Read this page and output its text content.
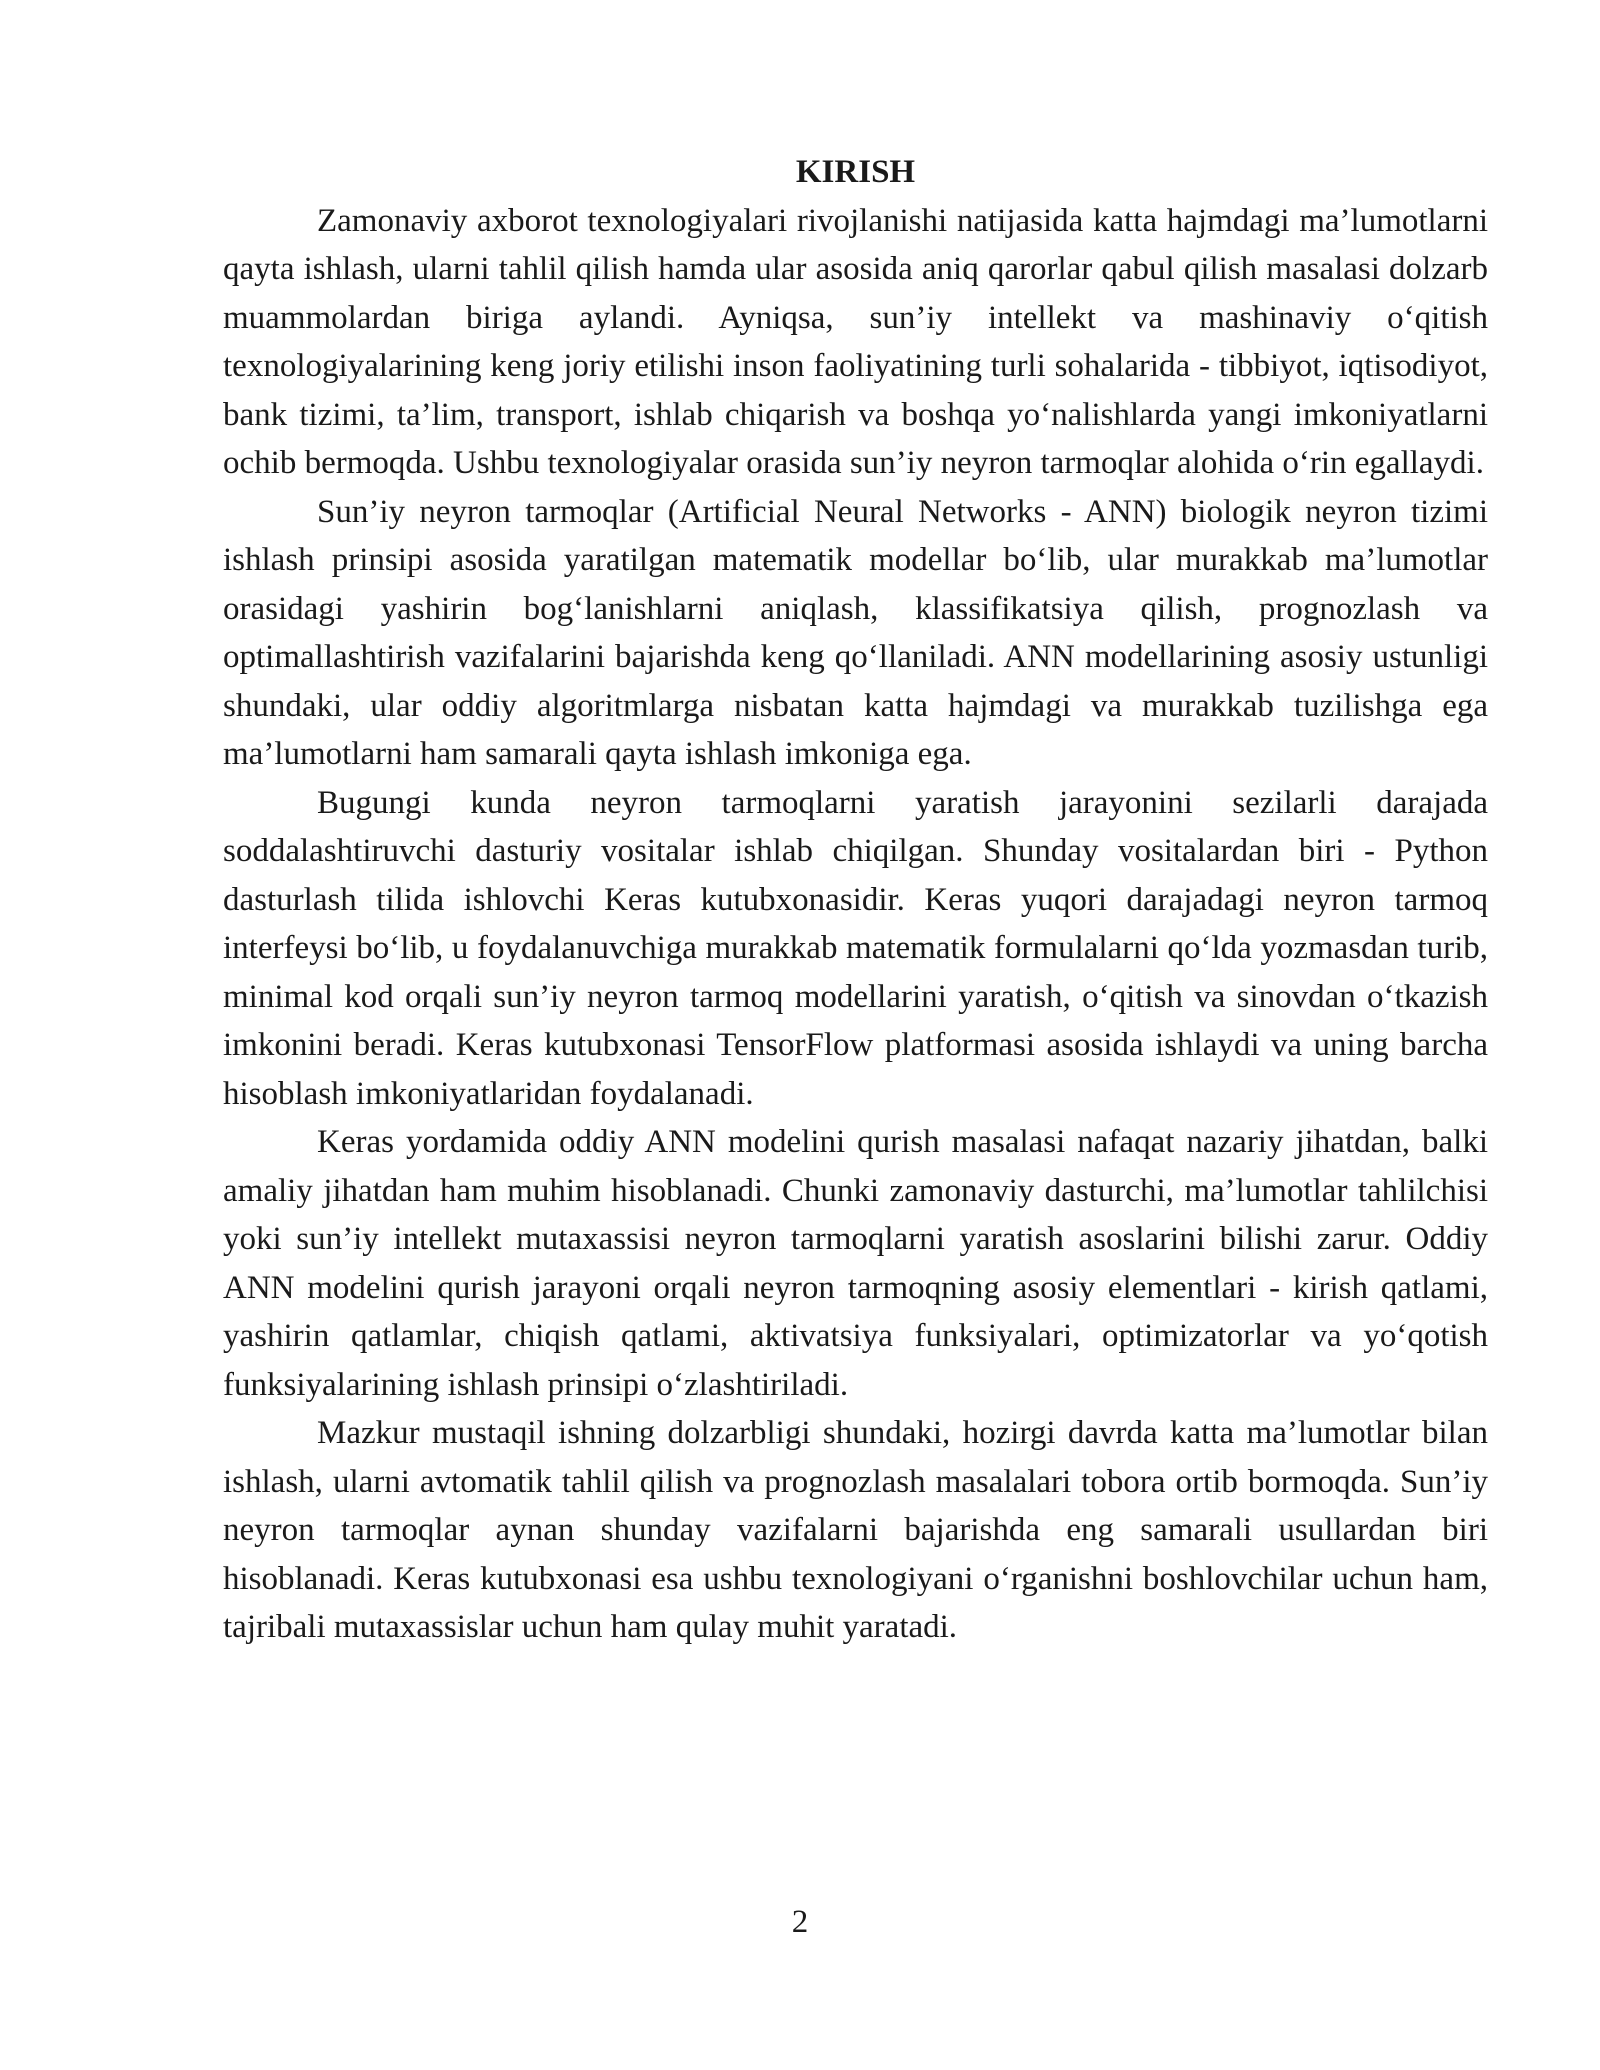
KIRISH

Zamonaviy axborot texnologiyalari rivojlanishi natijasida katta hajmdagi ma’lumotlarni qayta ishlash, ularni tahlil qilish hamda ular asosida aniq qarorlar qabul qilish masalasi dolzarb muammolardan biriga aylandi. Ayniqsa, sun’iy intellekt va mashinaviy o‘qitish texnologiyalarining keng joriy etilishi inson faoliyatining turli sohalarida - tibbiyot, iqtisodiyot, bank tizimi, ta’lim, transport, ishlab chiqarish va boshqa yo‘nalishlarda yangi imkoniyatlarni ochib bermoqda. Ushbu texnologiyalar orasida sun’iy neyron tarmoqlar alohida o‘rin egallaydi.

Sun’iy neyron tarmoqlar (Artificial Neural Networks - ANN) biologik neyron tizimi ishlash prinsipi asosida yaratilgan matematik modellar bo‘lib, ular murakkab ma’lumotlar orasidagi yashirin bog‘lanishlarni aniqlash, klassifikatsiya qilish, prognozlash va optimallashtirish vazifalarini bajarishda keng qo‘llaniladi. ANN modellarining asosiy ustunligi shundaki, ular oddiy algoritmlarga nisbatan katta hajmdagi va murakkab tuzilishga ega ma’lumotlarni ham samarali qayta ishlash imkoniga ega.

Bugungi kunda neyron tarmoqlarni yaratish jarayonini sezilarli darajada soddalashtiruvchi dasturiy vositalar ishlab chiqilgan. Shunday vositalardan biri - Python dasturlash tilida ishlovchi Keras kutubxonasidir. Keras yuqori darajadagi neyron tarmoq interfeysi bo‘lib, u foydalanuvchiga murakkab matematik formulalarni qo‘lda yozmasdan turib, minimal kod orqali sun’iy neyron tarmoq modellarini yaratish, o‘qitish va sinovdan o‘tkazish imkonini beradi. Keras kutubxonasi TensorFlow platformasi asosida ishlaydi va uning barcha hisoblash imkoniyatlaridan foydalanadi.

Keras yordamida oddiy ANN modelini qurish masalasi nafaqat nazariy jihatdan, balki amaliy jihatdan ham muhim hisoblanadi. Chunki zamonaviy dasturchi, ma’lumotlar tahlilchisi yoki sun’iy intellekt mutaxassisi neyron tarmoqlarni yaratish asoslarini bilishi zarur. Oddiy ANN modelini qurish jarayoni orqali neyron tarmoqning asosiy elementlari - kirish qatlami, yashirin qatlamlar, chiqish qatlami, aktivatsiya funksiyalari, optimizatorlar va yo‘qotish funksiyalarining ishlash prinsipi o‘zlashtiriladi.

Mazkur mustaqil ishning dolzarbligi shundaki, hozirgi davrda katta ma’lumotlar bilan ishlash, ularni avtomatik tahlil qilish va prognozlash masalalari tobora ortib bormoqda. Sun’iy neyron tarmoqlar aynan shunday vazifalarni bajarishda eng samarali usullardan biri hisoblanadi. Keras kutubxonasi esa ushbu texnologiyani o‘rganishni boshlovchilar uchun ham, tajribali mutaxassislar uchun ham qulay muhit yaratadi.

2
